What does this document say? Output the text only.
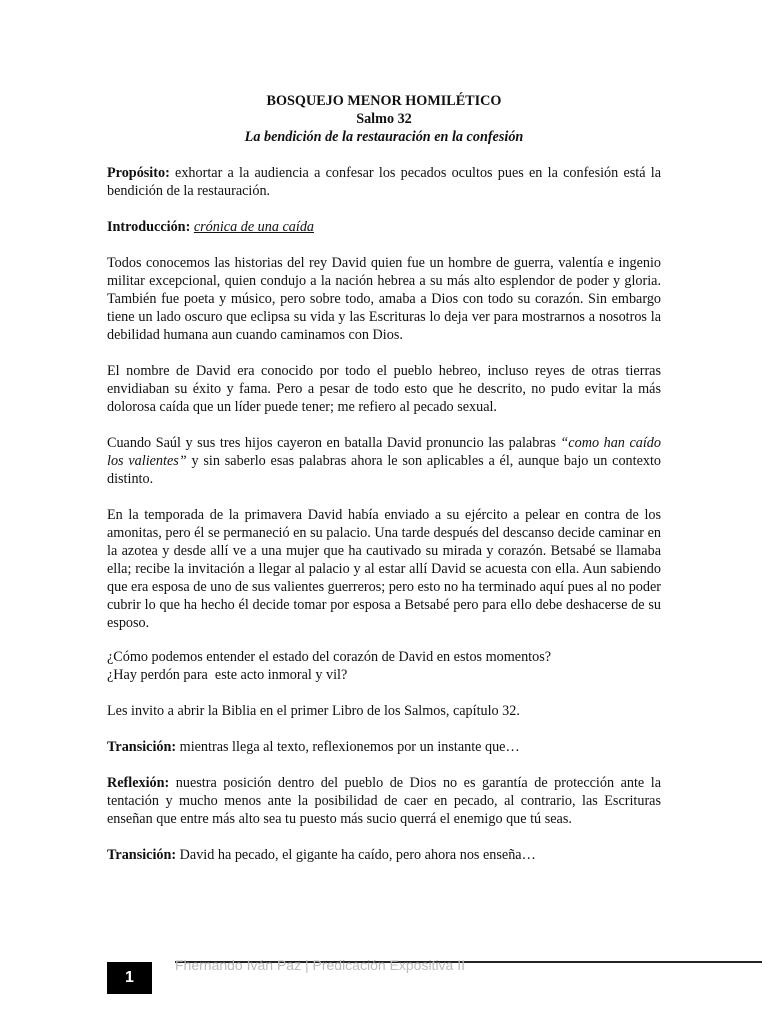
BOSQUEJO MENOR HOMILÉTICO
Salmo 32
La bendición de la restauración en la confesión

Propósito: exhortar a la audiencia a confesar los pecados ocultos pues en la confesión está la bendición de la restauración.

Introducción: crónica de una caída

Todos conocemos las historias del rey David quien fue un hombre de guerra, valentía e ingenio militar excepcional, quien condujo a la nación hebrea a su más alto esplendor de poder y gloria. También fue poeta y músico, pero sobre todo, amaba a Dios con todo su corazón. Sin embargo tiene un lado oscuro que eclipsa su vida y las Escrituras lo deja ver para mostrarnos a nosotros la debilidad humana aun cuando caminamos con Dios.

El nombre de David era conocido por todo el pueblo hebreo, incluso reyes de otras tierras envidiaban su éxito y fama. Pero a pesar de todo esto que he descrito, no pudo evitar la más dolorosa caída que un líder puede tener; me refiero al pecado sexual.

Cuando Saúl y sus tres hijos cayeron en batalla David pronuncio las palabras “como han caído los valientes” y sin saberlo esas palabras ahora le son aplicables a él, aunque bajo un contexto distinto.

En la temporada de la primavera David había enviado a su ejército a pelear en contra de los amonitas, pero él se permaneció en su palacio. Una tarde después del descanso decide caminar en la azotea y desde allí ve a una mujer que ha cautivado su mirada y corazón. Betsabé se llamaba ella; recibe la invitación a llegar al palacio y al estar allí David se acuesta con ella. Aun sabiendo que era esposa de uno de sus valientes guerreros; pero esto no ha terminado aquí pues al no poder cubrir lo que ha hecho él decide tomar por esposa a Betsabé pero para ello debe deshacerse de su esposo.

¿Cómo podemos entender el estado del corazón de David en estos momentos?

¿Hay perdón para  este acto inmoral y vil?

Les invito a abrir la Biblia en el primer Libro de los Salmos, capítulo 32.

Transición: mientras llega al texto, reflexionemos por un instante que…

Reflexión: nuestra posición dentro del pueblo de Dios no es garantía de protección ante la tentación y mucho menos ante la posibilidad de caer en pecado, al contrario, las Escrituras enseñan que entre más alto sea tu puesto más sucio querrá el enemigo que tú seas.

Transición: David ha pecado, el gigante ha caído, pero ahora nos enseña…

1
Fhernando Iván Paz | Predicación Expositiva II
